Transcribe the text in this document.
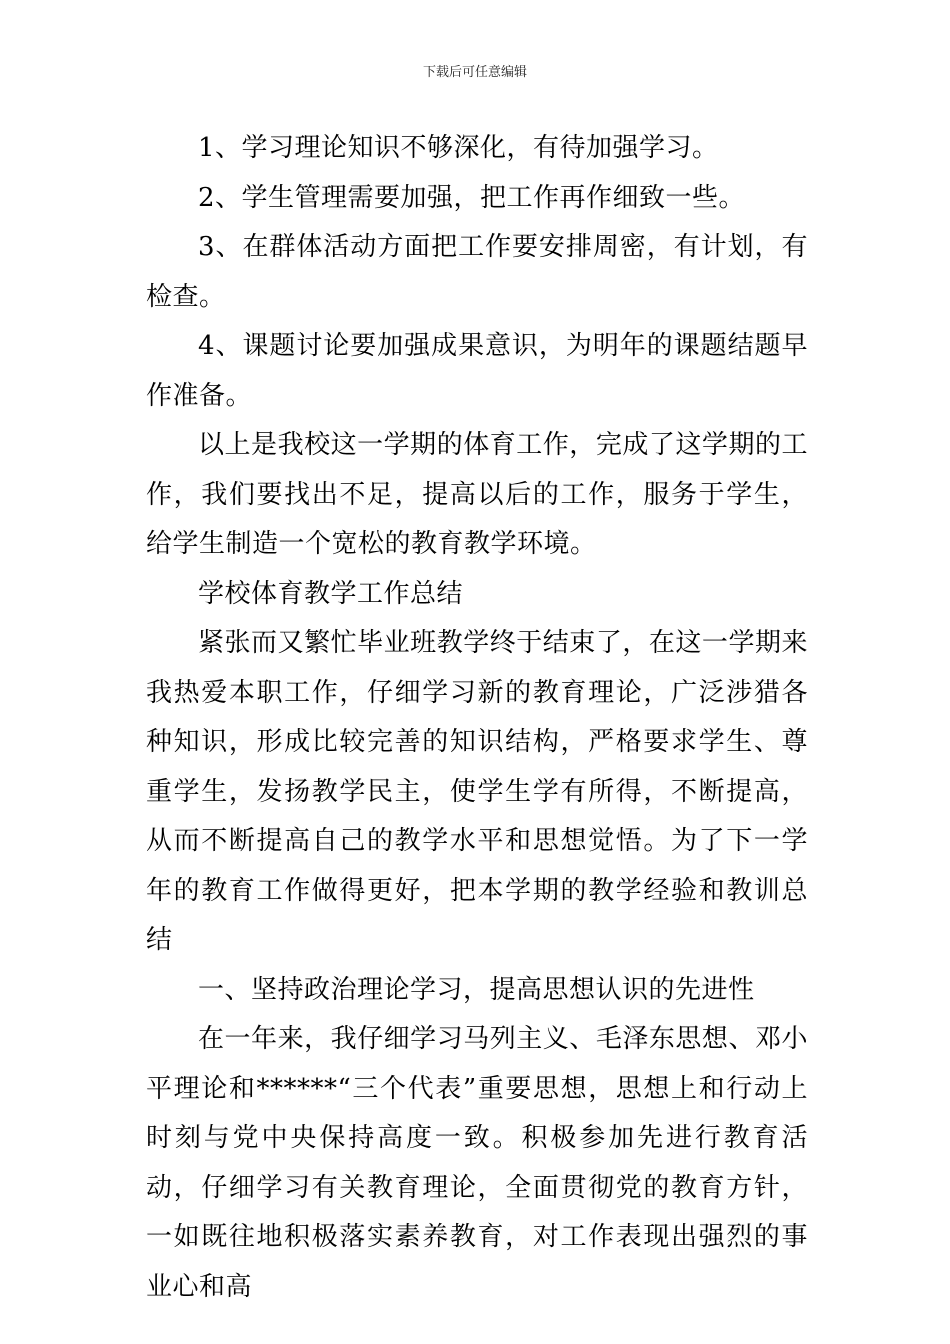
下载后可任意编辑

1、学习理论知识不够深化，有待加强学习。

2、学生管理需要加强，把工作再作细致一些。

3、在群体活动方面把工作要安排周密，有计划，有检查。

4、课题讨论要加强成果意识，为明年的课题结题早作准备。

以上是我校这一学期的体育工作，完成了这学期的工作，我们要找出不足，提高以后的工作，服务于学生，给学生制造一个宽松的教育教学环境。

学校体育教学工作总结

紧张而又繁忙毕业班教学终于结束了，在这一学期来我热爱本职工作，仔细学习新的教育理论，广泛涉猎各种知识，形成比较完善的知识结构，严格要求学生、尊重学生，发扬教学民主，使学生学有所得，不断提高，从而不断提高自己的教学水平和思想觉悟。为了下一学年的教育工作做得更好，把本学期的教学经验和教训总结

一、坚持政治理论学习，提高思想认识的先进性

在一年来，我仔细学习马列主义、毛泽东思想、邓小平理论和******“三个代表”重要思想，思想上和行动上时刻与党中央保持高度一致。积极参加先进行教育活动，仔细学习有关教育理论，全面贯彻党的教育方针，一如既往地积极落实素养教育，对工作表现出强烈的事业心和高
